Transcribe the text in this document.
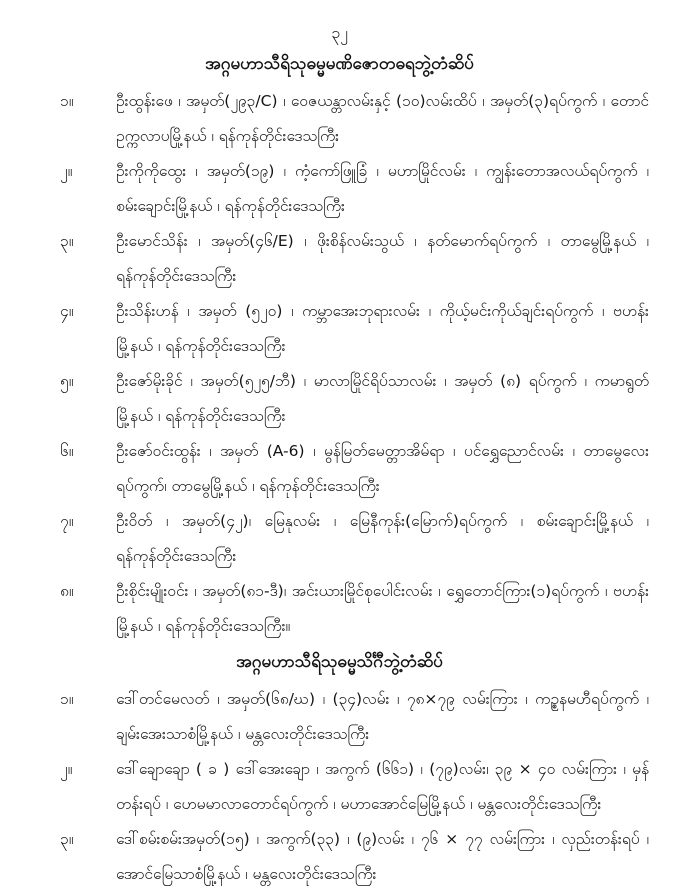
၃၂
အဂ္ဂမဟာသီရိသုဓမ္မမဏိဇောတဓရဘွဲ့တံဆိပ်
၁။	ဦးထွန်းဖေ ၊ အမှတ်(၂၉၃/C) ၊ ဝေဇယန္တာလမ်းနှင့် (၁၀)လမ်းထိပ် ၊ အမှတ်(၃)ရပ်ကွက် ၊ တောင်ဥက္ကလာပမြို့နယ် ၊ ရန်ကုန်တိုင်းဒေသကြီး
၂။	ဦးကိုကိုထွေး ၊ အမှတ်(၁၉) ၊ ကံ့ကော်ဖြူခြံ ၊ မဟာမြိုင်လမ်း ၊ ကျွန်းတောအလယ်ရပ်ကွက် ၊ စမ်းချောင်းမြို့နယ် ၊ ရန်ကုန်တိုင်းဒေသကြီး
၃။	ဦးမောင်သိန်း ၊ အမှတ်(၄၆/E) ၊ ဖိုးစိန်လမ်းသွယ် ၊ နတ်မောက်ရပ်ကွက် ၊ တာမွေမြို့နယ် ၊ ရန်ကုန်တိုင်းဒေသကြီး
၄။	ဦးသိန်းဟန် ၊ အမှတ် (၅၂၀) ၊ ကမ္ဘာအေးဘုရားလမ်း ၊ ကိုယ့်မင်းကိုယ်ချင်းရပ်ကွက် ၊ ဗဟန်းမြို့နယ် ၊ ရန်ကုန်တိုင်းဒေသကြီး
၅။	ဦးဇော်မိုးခိုင် ၊ အမှတ်(၅၂၅/ဘီ) ၊ မာလာမြိုင်ရိပ်သာလမ်း ၊ အမှတ် (၈) ရပ်ကွက် ၊ ကမာရွတ်မြို့နယ် ၊ ရန်ကုန်တိုင်းဒေသကြီး
၆။	ဦးဇော်ဝင်းထွန်း ၊ အမှတ် (A-6) ၊ မွန်မြတ်မေတ္တာအိမ်ရာ ၊ ပင်ရွှေညောင်လမ်း ၊ တာမွေလေးရပ်ကွက်၊ တာမွေမြို့နယ် ၊ ရန်ကုန်တိုင်းဒေသကြီး
၇။	ဦးဝိတ် ၊ အမှတ်(၄၂)၊ မြေနုလမ်း ၊ မြေနီကုန်း(မြောက်)ရပ်ကွက် ၊ စမ်းချောင်းမြို့နယ် ၊ ရန်ကုန်တိုင်းဒေသကြီး
၈။	ဦးစိုင်းမျိုးဝင်း ၊ အမှတ်(၈၁-ဒီ)၊ အင်းယားမြိုင်စုပေါင်းလမ်း ၊ ရွှေတောင်ကြား(၁)ရပ်ကွက် ၊ ဗဟန်းမြို့နယ် ၊ ရန်ကုန်တိုင်းဒေသကြီး။
အဂ္ဂမဟာသီရိသုဓမ္မသိင်္ဂီဘွဲ့တံဆိပ်
၁။	ဒေါ်တင်မေလတ် ၊ အမှတ်(၆၈/ဃ) ၊ (၃၄)လမ်း ၊ ၇၈×၇၉ လမ်းကြား ၊ ကဉ္စနမဟီရပ်ကွက် ၊ ချမ်းအေးသာစံမြို့နယ် ၊ မန္တလေးတိုင်းဒေသကြီး
၂။	ဒေါ်ချောချော ( ခ ) ဒေါ်အေးချော ၊ အကွက် (၆၆၁) ၊ (၇၉)လမ်း၊ ၃၉ × ၄၀ လမ်းကြား ၊ မှန်တန်းရပ် ၊ ဟေမမာလာတောင်ရပ်ကွက် ၊ မဟာအောင်မြေမြို့နယ် ၊ မန္တလေးတိုင်းဒေသကြီး
၃။	ဒေါ်စမ်းစမ်းအမှတ်(၁၅) ၊ အကွက်(၃၃) ၊ (၉)လမ်း ၊ ၇၆ × ၇၇ လမ်းကြား ၊ လှည်းတန်းရပ် ၊ အောင်မြေသာစံမြို့နယ် ၊ မန္တလေးတိုင်းဒေသကြီး
